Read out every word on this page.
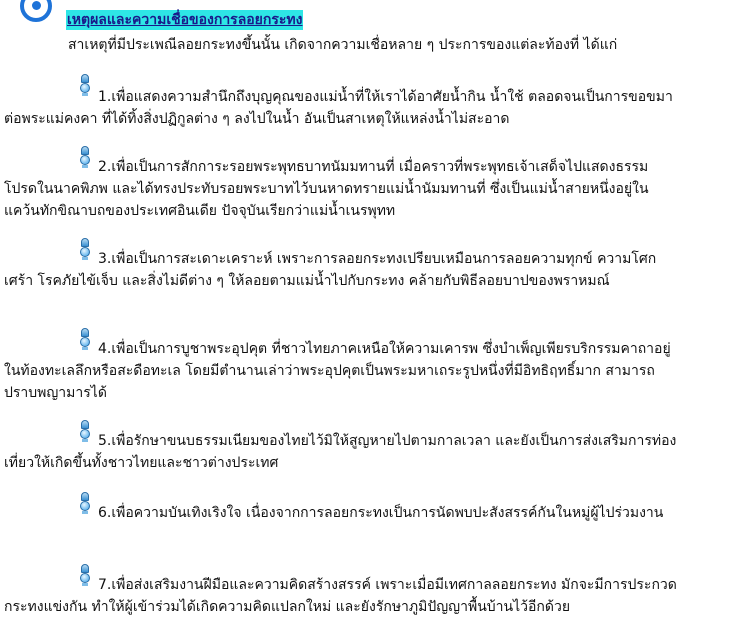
เหตุผลและความเชื่อของการลอยกระทง
สาเหตุที่มีประเพณีลอยกระทงขึ้นนั้น เกิดจากความเชื่อหลาย ๆ ประการของแต่ละท้องที่ ได้แก่
1.เพื่อแสดงความสำนึกถึงบุญคุณของแม่น้ำที่ให้เราได้อาศัยน้ำกิน น้ำใช้ ตลอดจนเป็นการขอขมาต่อพระแม่คงคา ที่ได้ทิ้งสิ่งปฏิกูลต่าง ๆ ลงไปในน้ำ อันเป็นสาเหตุให้แหล่งน้ำไม่สะอาด
2.เพื่อเป็นการสักการะรอยพระพุทธบาทนัมมทานที่ เมื่อคราวที่พระพุทธเจ้าเสด็จไปแสดงธรรมโปรดในนาคพิภพ และได้ทรงประทับรอยพระบาทไว้บนหาดทรายแม่น้ำนัมมทานที่ ซึ่งเป็นแม่น้ำสายหนึ่งอยู่ในแคว้นทักขิณาบถของประเทศอินเดีย ปัจจุบันเรียกว่าแม่น้ำเนรพุทท
3.เพื่อเป็นการสะเดาะเคราะห์ เพราะการลอยกระทงเปรียบเหมือนการลอยความทุกข์ ความโศกเศร้า โรคภัยไข้เจ็บ และสิ่งไม่ดีต่าง ๆ ให้ลอยตามแม่น้ำไปกับกระทง คล้ายกับพิธีลอยบาปของพราหมณ์
4.เพื่อเป็นการบูชาพระอุปคุต ที่ชาวไทยภาคเหนือให้ความเคารพ ซึ่งบำเพ็ญเพียรบริกรรมคาถาอยู่ในท้องทะเลลึกหรือสะดือทะเล โดยมีตำนานเล่าว่าพระอุปคุตเป็นพระมหาเถระรูปหนึ่งที่มีอิทธิฤทธิ์มาก สามารถปราบพญามารได้
5.เพื่อรักษาขนบธรรมเนียมของไทยไว้มิให้สูญหายไปตามกาลเวลา และยังเป็นการส่งเสริมการท่องเที่ยวให้เกิดขึ้นทั้งชาวไทยและชาวต่างประเทศ
6.เพื่อความบันเทิงเริงใจ เนื่องจากการลอยกระทงเป็นการนัดพบปะสังสรรค์กันในหมู่ผู้ไปร่วมงาน
7.เพื่อส่งเสริมงานฝีมือและความคิดสร้างสรรค์ เพราะเมื่อมีเทศกาลลอยกระทง มักจะมีการประกวดกระทงแข่งกัน ทำให้ผู้เข้าร่วมได้เกิดความคิดแปลกใหม่ และยังรักษาภูมิปัญญาพื้นบ้านไว้อีกด้วย
